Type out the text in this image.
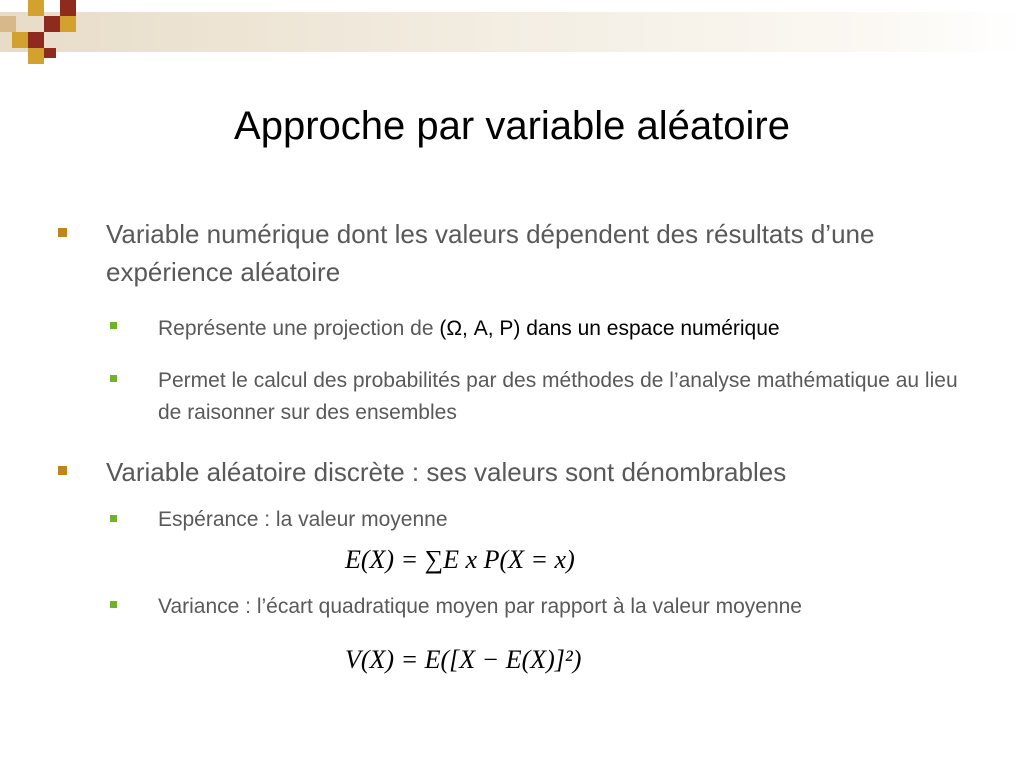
Approche par variable aléatoire
Variable numérique dont les valeurs dépendent des résultats d’une expérience aléatoire
Représente une projection de (Ω, A, P) dans un espace numérique
Permet le calcul des probabilités par des méthodes de l’analyse mathématique au lieu de raisonner sur des ensembles
Variable aléatoire discrète : ses valeurs sont dénombrables
Espérance : la valeur moyenne
E(X) = ∑E x P(X = x)
Variance : l’écart quadratique moyen par rapport à la valeur moyenne
V(X) = E([X − E(X)]²)
